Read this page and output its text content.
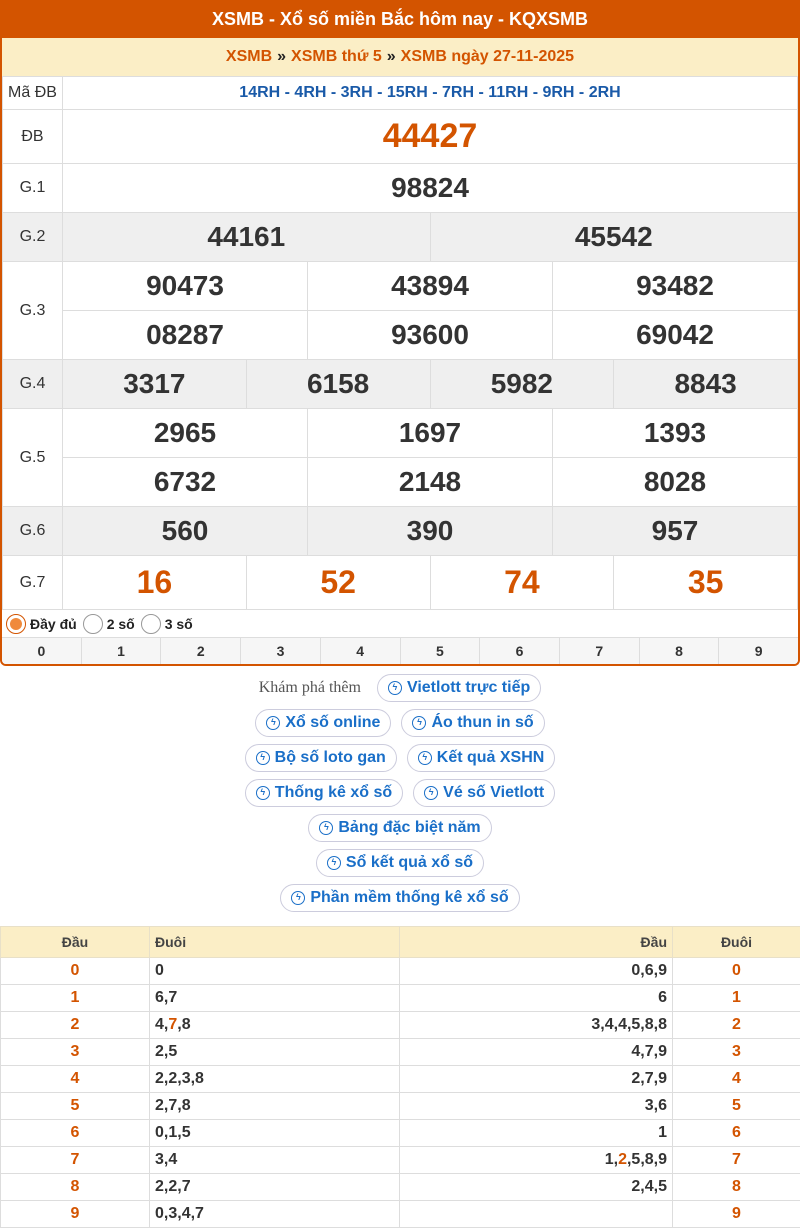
XSMB - Xổ số miền Bắc hôm nay - KQXSMB
XSMB » XSMB thứ 5 » XSMB ngày 27-11-2025
Mã ĐB	14RH - 4RH - 3RH - 15RH - 7RH - 11RH - 9RH - 2RH					
ĐB	44427					
G.1	98824					
G.2	44161			45542		
G.3	90473		43894		93482	
	08287		93600		69042	
G.4	3317	6158		5982		8843
G.5	2965		1697		1393	
	6732		2148		8028	
G.6	560		390		957	
G.7	16	52		74		35
Đầy đủ 2 số 3 số
0	1	2	3	4	5	6	7	8	9
Khám phá thêm	ϟ Vietlott trực tiếp
ϟ Xổ số online	ϟ Áo thun in số
ϟ Bộ số loto gan	ϟ Kết quả XSHN
ϟ Thống kê xổ số	ϟ Vé số Vietlott
ϟ Bảng đặc biệt năm
ϟ Sổ kết quả xổ số
ϟ Phần mềm thống kê xổ số
Đầu	Đuôi	Đầu	Đuôi
0	0	0,6,9	0
1	6,7	6	1
2	4,7,8	3,4,4,5,8,8	2
3	2,5	4,7,9	3
4	2,2,3,8	2,7,9	4
5	2,7,8	3,6	5
6	0,1,5	1	6
7	3,4	1,2,5,8,9	7
8	2,2,7	2,4,5	8
9	0,3,4,7		9
